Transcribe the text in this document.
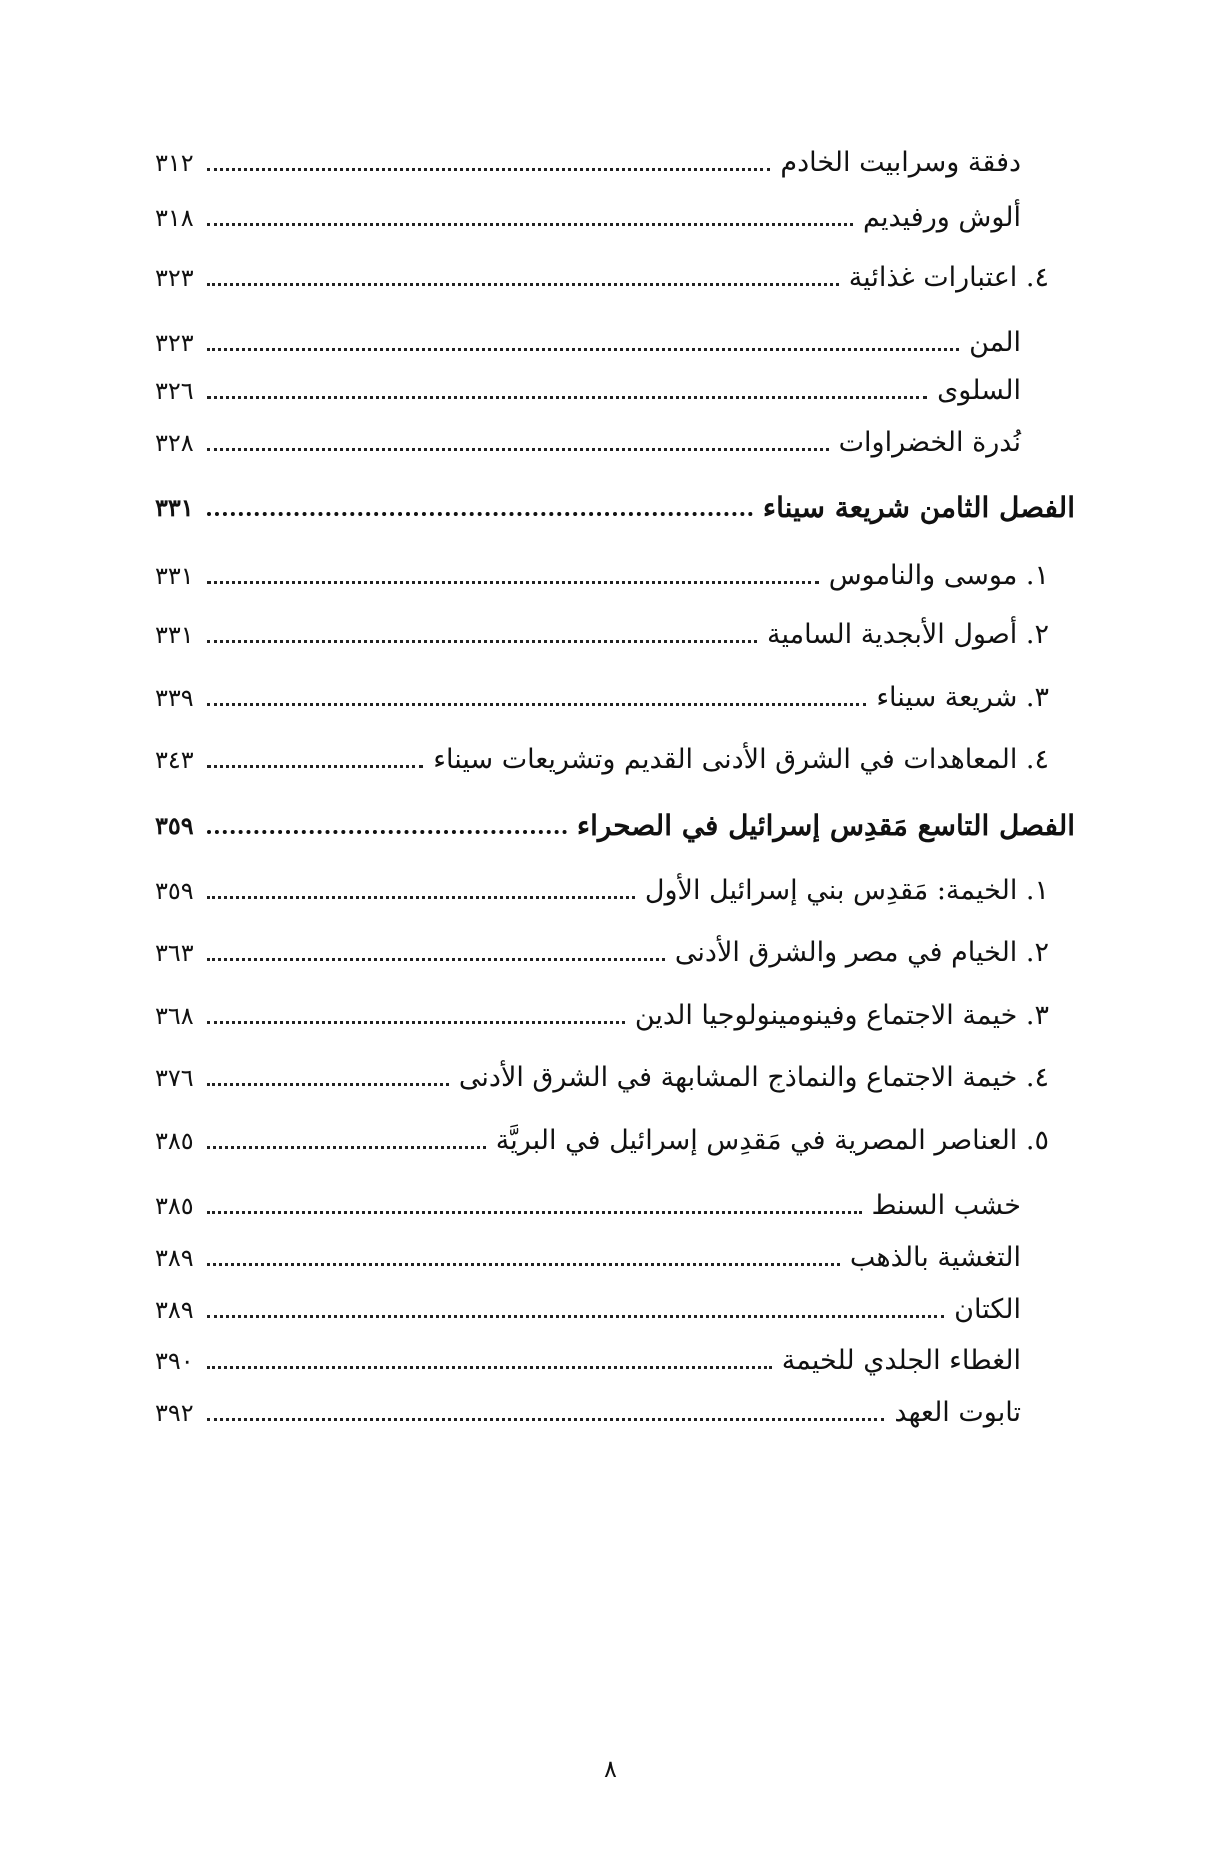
دفقة وسرابيت الخادم
٣١٢
ألوش ورفيديم
٣١٨
٤. اعتبارات غذائية
٣٢٣
المن
٣٢٣
السلوى
٣٢٦
نُدرة الخضراوات
٣٢٨
الفصل الثامن شريعة سيناء
٣٣١
١. موسى والناموس
٣٣١
٢. أصول الأبجدية السامية
٣٣١
٣. شريعة سيناء
٣٣٩
٤. المعاهدات في الشرق الأدنى القديم وتشريعات سيناء
٣٤٣
الفصل التاسع مَقدِس إسرائيل في الصحراء
٣٥٩
١. الخيمة: مَقدِس بني إسرائيل الأول
٣٥٩
٢. الخيام في مصر والشرق الأدنى
٣٦٣
٣. خيمة الاجتماع وفينومينولوجيا الدين
٣٦٨
٤. خيمة الاجتماع والنماذج المشابهة في الشرق الأدنى
٣٧٦
٥. العناصر المصرية في مَقدِس إسرائيل في البريَّة
٣٨٥
خشب السنط
٣٨٥
التغشية بالذهب
٣٨٩
الكتان
٣٨٩
الغطاء الجلدي للخيمة
٣٩٠
تابوت العهد
٣٩٢
٨
